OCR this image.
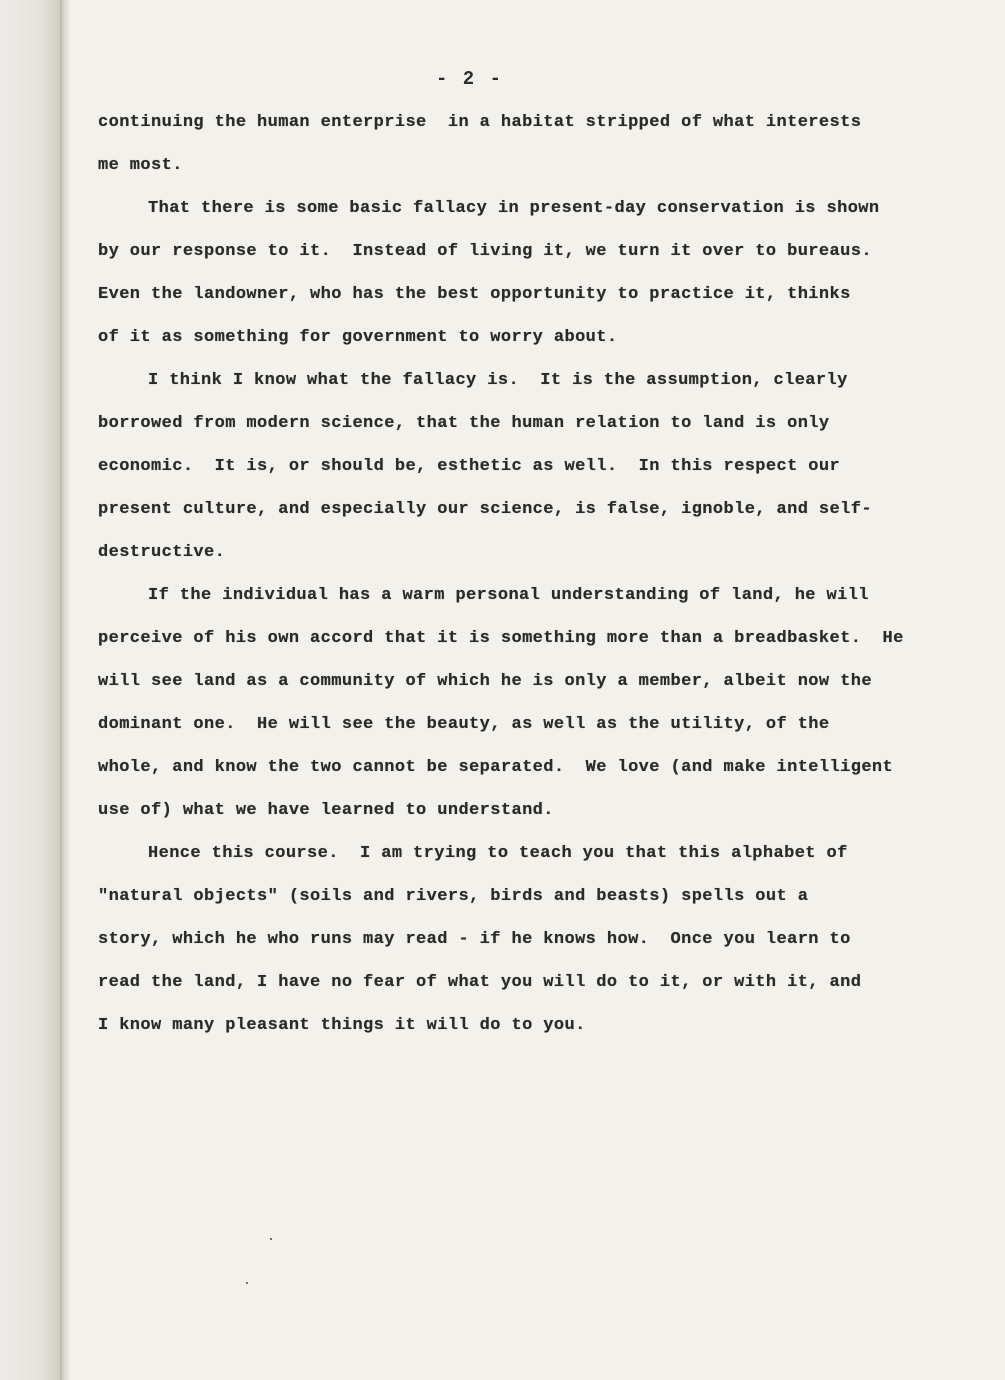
- 2 -
continuing the human enterprise  in a habitat stripped of what interests
me most.
That there is some basic fallacy in present-day conservation is shown
by our response to it.  Instead of living it, we turn it over to bureaus.
Even the landowner, who has the best opportunity to practice it, thinks
of it as something for government to worry about.
I think I know what the fallacy is.  It is the assumption, clearly
borrowed from modern science, that the human relation to land is only
economic.  It is, or should be, esthetic as well.  In this respect our
present culture, and especially our science, is false, ignoble, and self-
destructive.
If the individual has a warm personal understanding of land, he will
perceive of his own accord that it is something more than a breadbasket.  He
will see land as a community of which he is only a member, albeit now the
dominant one.  He will see the beauty, as well as the utility, of the
whole, and know the two cannot be separated.  We love (and make intelligent
use of) what we have learned to understand.
Hence this course.  I am trying to teach you that this alphabet of
"natural objects" (soils and rivers, birds and beasts) spells out a
story, which he who runs may read - if he knows how.  Once you learn to
read the land, I have no fear of what you will do to it, or with it, and
I know many pleasant things it will do to you.
